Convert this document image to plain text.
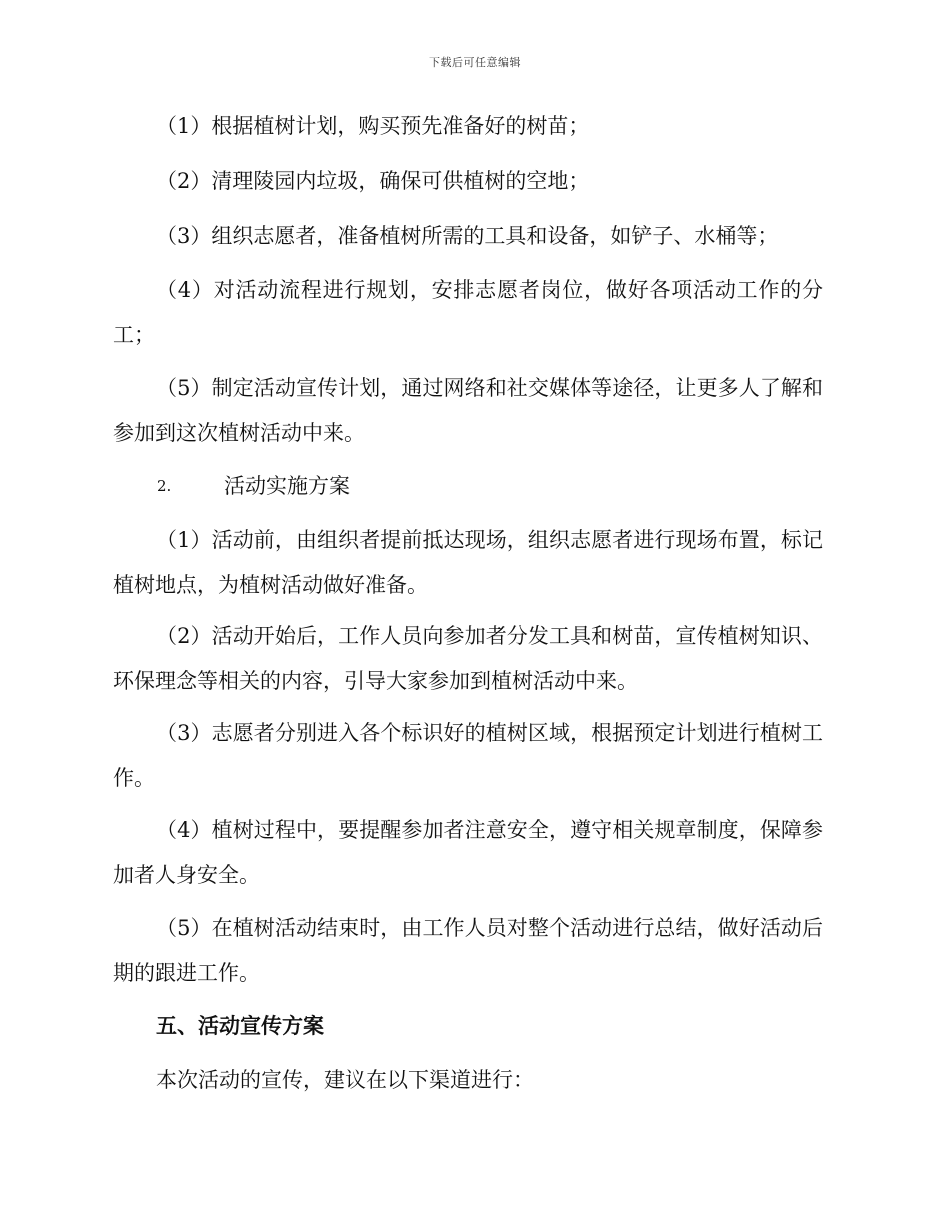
下载后可任意编辑

（1）根据植树计划，购买预先准备好的树苗；

（2）清理陵园内垃圾，确保可供植树的空地；

（3）组织志愿者，准备植树所需的工具和设备，如铲子、水桶等；

（4）对活动流程进行规划，安排志愿者岗位，做好各项活动工作的分工；

（5）制定活动宣传计划，通过网络和社交媒体等途径，让更多人了解和参加到这次植树活动中来。

2.	活动实施方案

（1）活动前，由组织者提前抵达现场，组织志愿者进行现场布置，标记植树地点，为植树活动做好准备。

（2）活动开始后，工作人员向参加者分发工具和树苗，宣传植树知识、环保理念等相关的内容，引导大家参加到植树活动中来。

（3）志愿者分别进入各个标识好的植树区域，根据预定计划进行植树工作。

（4）植树过程中，要提醒参加者注意安全，遵守相关规章制度，保障参加者人身安全。

（5）在植树活动结束时，由工作人员对整个活动进行总结，做好活动后期的跟进工作。

五、活动宣传方案

本次活动的宣传，建议在以下渠道进行：
